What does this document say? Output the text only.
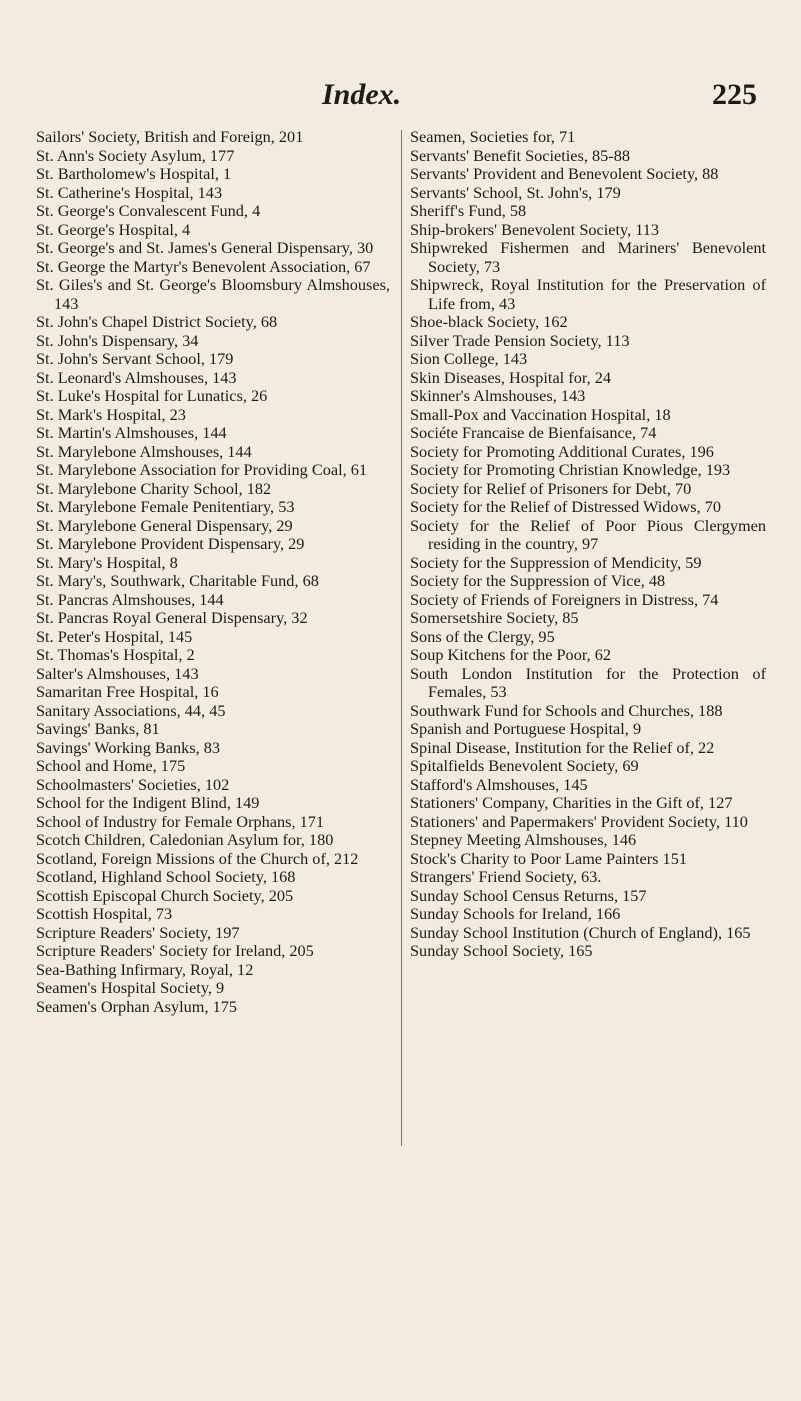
Index.	225

Sailors' Society, British and Foreign, 201

St. Ann's Society Asylum, 177

St. Bartholomew's Hospital, 1

St. Catherine's Hospital, 143

St. George's Convalescent Fund, 4

St. George's Hospital, 4

St. George's and St. James's General Dispensary, 30

St. George the Martyr's Benevolent Association, 67

St. Giles's and St. George's Bloomsbury Almshouses, 143

St. John's Chapel District Society, 68

St. John's Dispensary, 34

St. John's Servant School, 179

St. Leonard's Almshouses, 143

St. Luke's Hospital for Lunatics, 26

St. Mark's Hospital, 23

St. Martin's Almshouses, 144

St. Marylebone Almshouses, 144

St. Marylebone Association for Providing Coal, 61

St. Marylebone Charity School, 182

St. Marylebone Female Penitentiary, 53

St. Marylebone General Dispensary, 29

St. Marylebone Provident Dispensary, 29

St. Mary's Hospital, 8

St. Mary's, Southwark, Charitable Fund, 68

St. Pancras Almshouses, 144

St. Pancras Royal General Dispensary, 32

St. Peter's Hospital, 145

St. Thomas's Hospital, 2

Salter's Almshouses, 143

Samaritan Free Hospital, 16

Sanitary Associations, 44, 45

Savings' Banks, 81

Savings' Working Banks, 83

School and Home, 175

Schoolmasters' Societies, 102

School for the Indigent Blind, 149

School of Industry for Female Orphans, 171

Scotch Children, Caledonian Asylum for, 180

Scotland, Foreign Missions of the Church of, 212

Scotland, Highland School Society, 168

Scottish Episcopal Church Society, 205

Scottish Hospital, 73

Scripture Readers' Society, 197

Scripture Readers' Society for Ireland, 205

Sea-Bathing Infirmary, Royal, 12

Seamen's Hospital Society, 9

Seamen's Orphan Asylum, 175

Seamen, Societies for, 71

Servants' Benefit Societies, 85-88

Servants' Provident and Benevolent Society, 88

Servants' School, St. John's, 179

Sheriff's Fund, 58

Ship-brokers' Benevolent Society, 113

Shipwreked Fishermen and Mariners' Benevolent Society, 73

Shipwreck, Royal Institution for the Preservation of Life from, 43

Shoe-black Society, 162

Silver Trade Pension Society, 113

Sion College, 143

Skin Diseases, Hospital for, 24

Skinner's Almshouses, 143

Small-Pox and Vaccination Hospital, 18

Sociéte Francaise de Bienfaisance, 74

Society for Promoting Additional Curates, 196

Society for Promoting Christian Knowledge, 193

Society for Relief of Prisoners for Debt, 70

Society for the Relief of Distressed Widows, 70

Society for the Relief of Poor Pious Clergymen residing in the country, 97

Society for the Suppression of Mendicity, 59

Society for the Suppression of Vice, 48

Society of Friends of Foreigners in Distress, 74

Somersetshire Society, 85

Sons of the Clergy, 95

Soup Kitchens for the Poor, 62

South London Institution for the Protection of Females, 53

Southwark Fund for Schools and Churches, 188

Spanish and Portuguese Hospital, 9

Spinal Disease, Institution for the Relief of, 22

Spitalfields Benevolent Society, 69

Stafford's Almshouses, 145

Stationers' Company, Charities in the Gift of, 127

Stationers' and Papermakers' Provident Society, 110

Stepney Meeting Almshouses, 146

Stock's Charity to Poor Lame Painters 151

Strangers' Friend Society, 63.

Sunday School Census Returns, 157

Sunday Schools for Ireland, 166

Sunday School Institution (Church of England), 165

Sunday School Society, 165
